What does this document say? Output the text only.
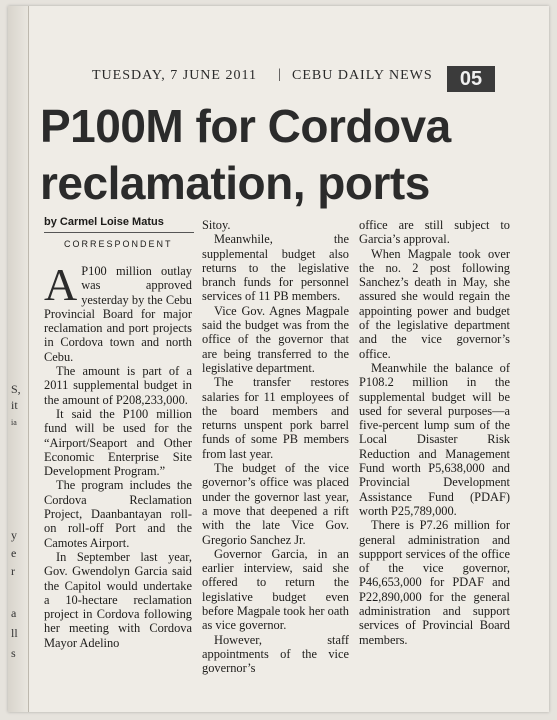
S,
it
ia
y
e
r
a
ll
s
TUESDAY, 7 JUNE 2011 | CEBU DAILY NEWS	05
P100M for Cordova
reclamation, ports
by Carmel Loise Matus
CORRESPONDENT
A P100 million outlay was approved yesterday by the Cebu Provincial Board for major reclamation and port projects in Cordova town and north Cebu.

The amount is part of a 2011 supplemental budget in the amount of P208,233,000.

It said the P100 million fund will be used for the “Airport/Seaport and Other Economic Enterprise Site Development Program.”

The program includes the Cordova Reclamation Project, Daanbantayan roll-on roll-off Port and the Camotes Airport.

In September last year, Gov. Gwendolyn Garcia said the Capitol would undertake a 10-hectare reclamation project in Cordova following her meeting with Cordova Mayor Adelino

Sitoy.

Meanwhile, the supplemental budget also returns to the legislative branch funds for personnel services of 11 PB members.

Vice Gov. Agnes Magpale said the budget was from the office of the governor that are being transferred to the legislative department.

The transfer restores salaries for 11 employees of the board members and returns unspent pork barrel funds of some PB members from last year.

The budget of the vice governor’s office was placed under the governor last year, a move that deepened a rift with the late Vice Gov. Gregorio Sanchez Jr.

Governor Garcia, in an earlier interview, said she offered to return the legislative budget even before Magpale took her oath as vice governor.

However, staff appointments of the vice governor’s

office are still subject to Garcia’s approval.

When Magpale took over the no. 2 post following Sanchez’s death in May, she assured she would regain the appointing power and budget of the legislative department and the vice governor’s office.

Meanwhile the balance of P108.2 million in the supplemental budget will be used for several purposes—a five-percent lump sum of the Local Disaster Risk Reduction and Management Fund worth P5,638,000 and Provincial Development Assistance Fund (PDAF) worth P25,789,000.

There is P7.26 million for general administration and suppport services of the office of the vice governor, P46,653,000 for PDAF and P22,890,000 for the general administration and support services of Provincial Board members.
